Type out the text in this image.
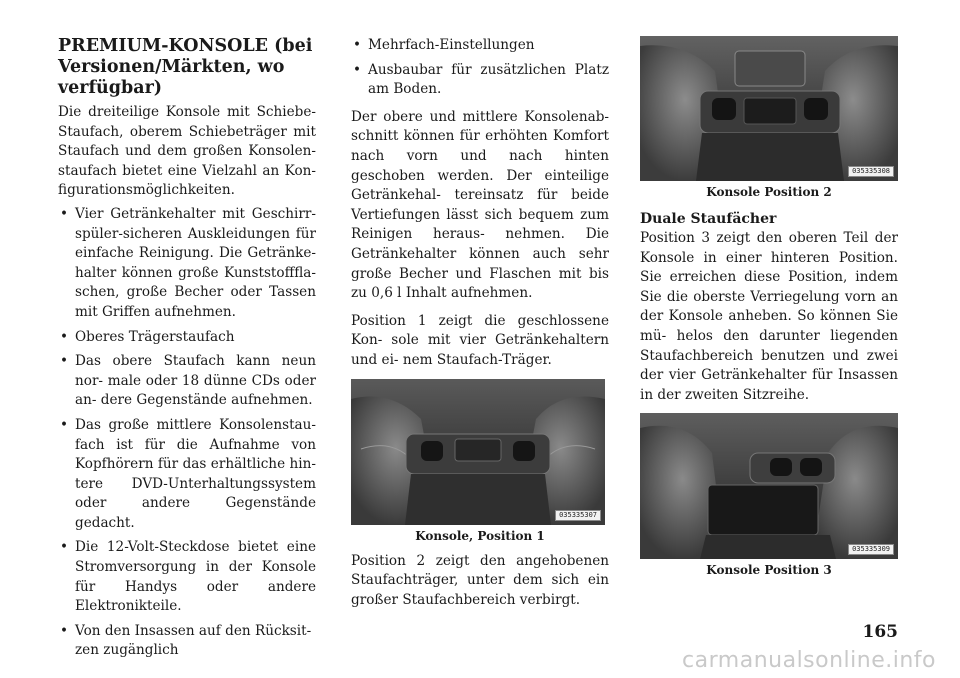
PREMIUM-KONSOLE (bei Versionen/Märkten, wo verfügbar)

Die dreiteilige Konsole mit Schiebe- Staufach, oberem Schiebeträger mit Staufach und dem großen Konsolen- staufach bietet eine Vielzahl an Kon- figurationsmöglichkeiten.

• Vier Getränkehalter mit Geschirr- spüler-sicheren Auskleidungen für einfache Reinigung. Die Getränke- halter können große Kunststofffla- schen, große Becher oder Tassen mit Griffen aufnehmen.
• Oberes Trägerstaufach
• Das obere Staufach kann neun nor- male oder 18 dünne CDs oder an- dere Gegenstände aufnehmen.
• Das große mittlere Konsolenstau- fach ist für die Aufnahme von Kopfhörern für das erhältliche hin- tere DVD-Unterhaltungssystem oder andere Gegenstände gedacht.
• Die 12-Volt-Steckdose bietet eine Stromversorgung in der Konsole für Handys oder andere Elektronikteile.
• Von den Insassen auf den Rücksit- zen zugänglich
• Mehrfach-Einstellungen
• Ausbaubar für zusätzlichen Platz am Boden.

Der obere und mittlere Konsolenab- schnitt können für erhöhten Komfort nach vorn und nach hinten geschoben werden. Der einteilige Getränkehal- tereinsatz für beide Vertiefungen lässt sich bequem zum Reinigen heraus- nehmen. Die Getränkehalter können auch sehr große Becher und Flaschen mit bis zu 0,6 l Inhalt aufnehmen.

Position 1 zeigt die geschlossene Kon- sole mit vier Getränkehaltern und ei- nem Staufach-Träger.

035335307
Konsole, Position 1

Position 2 zeigt den angehobenen Staufachträger, unter dem sich ein großer Staufachbereich verbirgt.

035335308
Konsole Position 2
Duale Staufächer

Position 3 zeigt den oberen Teil der Konsole in einer hinteren Position. Sie erreichen diese Position, indem Sie die oberste Verriegelung vorn an der Konsole anheben. So können Sie mü- helos den darunter liegenden Staufachbereich benutzen und zwei der vier Getränkehalter für Insassen in der zweiten Sitzreihe.

035335309
Konsole Position 3
165
carmanualsonline.info
